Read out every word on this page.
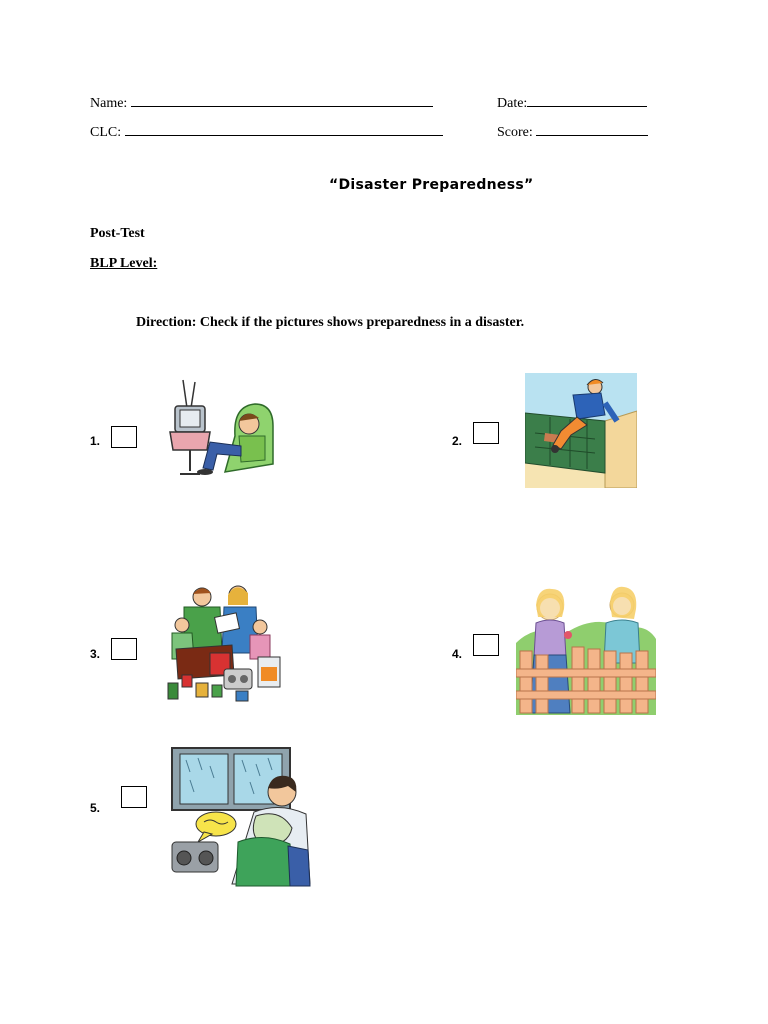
Name:	Date:
CLC:	Score:
“Disaster Preparedness”
Post-Test
BLP Level:
Direction: Check if the pictures shows preparedness in a disaster.
1.	2.
3.	4.
5.
